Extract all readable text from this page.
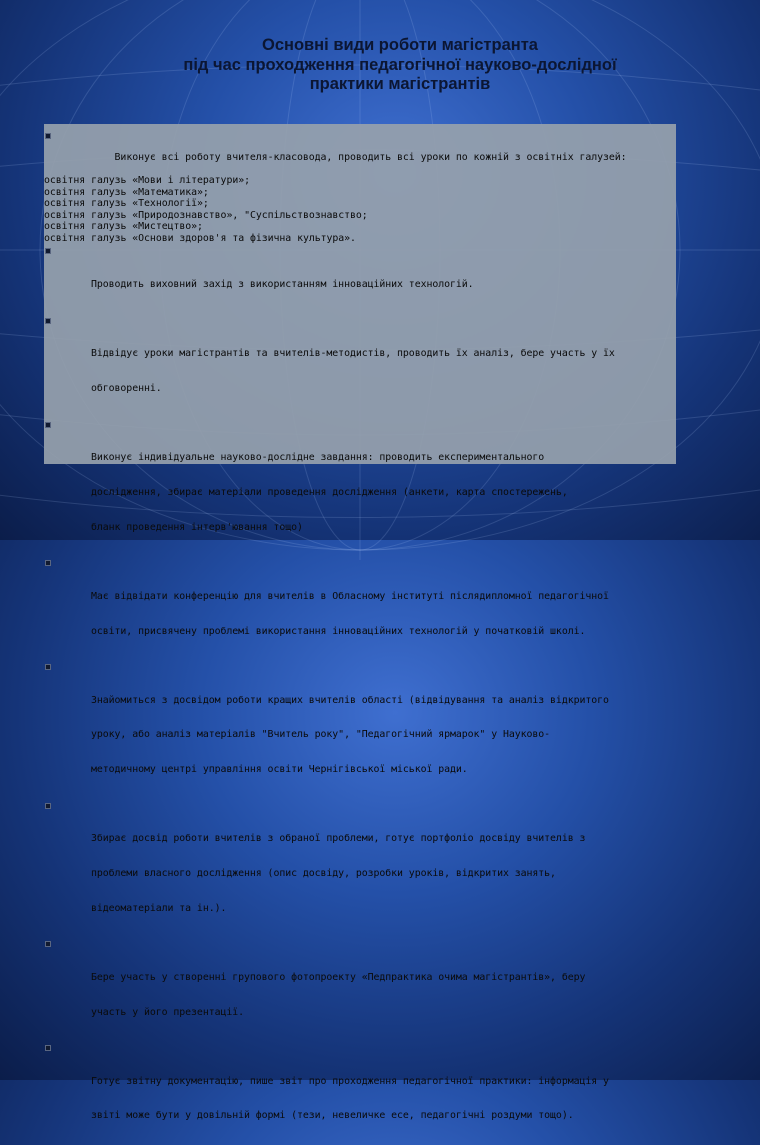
Основні види роботи магістранта
під час проходження педагогічної науково-дослідної
практики магістрантів

Виконує всі роботу вчителя-класовода, проводить всі уроки по кожній з освітніх галузей:

освітня галузь «Мови і літератури»;
освітня галузь «Математика»;
освітня галузь «Технології»;
освітня галузь «Природознавство», "Суспільствознавство;
освітня галузь «Мистецтво»;
освітня галузь «Основи здоров'я та фізична культура».

Проводить виховний захід з використанням інноваційних технологій.

Відвідує уроки магістрантів та вчителів-методистів, проводить їх аналіз, бере участь у їх

обговоренні.

Виконує індивідуальне науково-дослідне завдання: проводить експериментального

дослідження, збирає матеріали проведення дослідження (анкети, карта спостережень,

бланк проведення інтерв'ювання тощо)

Має відвідати конференцію для вчителів в Обласному інституті післядипломної педагогічної

освіти, присвячену проблемі використання інноваційних технологій у початковій школі.

Знайомиться з досвідом роботи кращих вчителів області (відвідування та аналіз відкритого

уроку, або аналіз матеріалів "Вчитель року", "Педагогічний ярмарок" у Науково-

методичному центрі управління освіти Чернігівської міської ради.

Збирає досвід роботи вчителів з обраної проблеми, готує портфоліо досвіду вчителів з

проблеми власного дослідження (опис досвіду, розробки уроків, відкритих занять,

відеоматеріали та ін.).

Бере участь у створенні групового фотопроекту «Педпрактика очима магістрантів», беру

участь у його презентації.

Готує звітну документацію, пише звіт про проходження педагогічної практики: інформація у

звіті може бути у довільній формі (тези, невеличке есе, педагогічні роздуми тощо).
